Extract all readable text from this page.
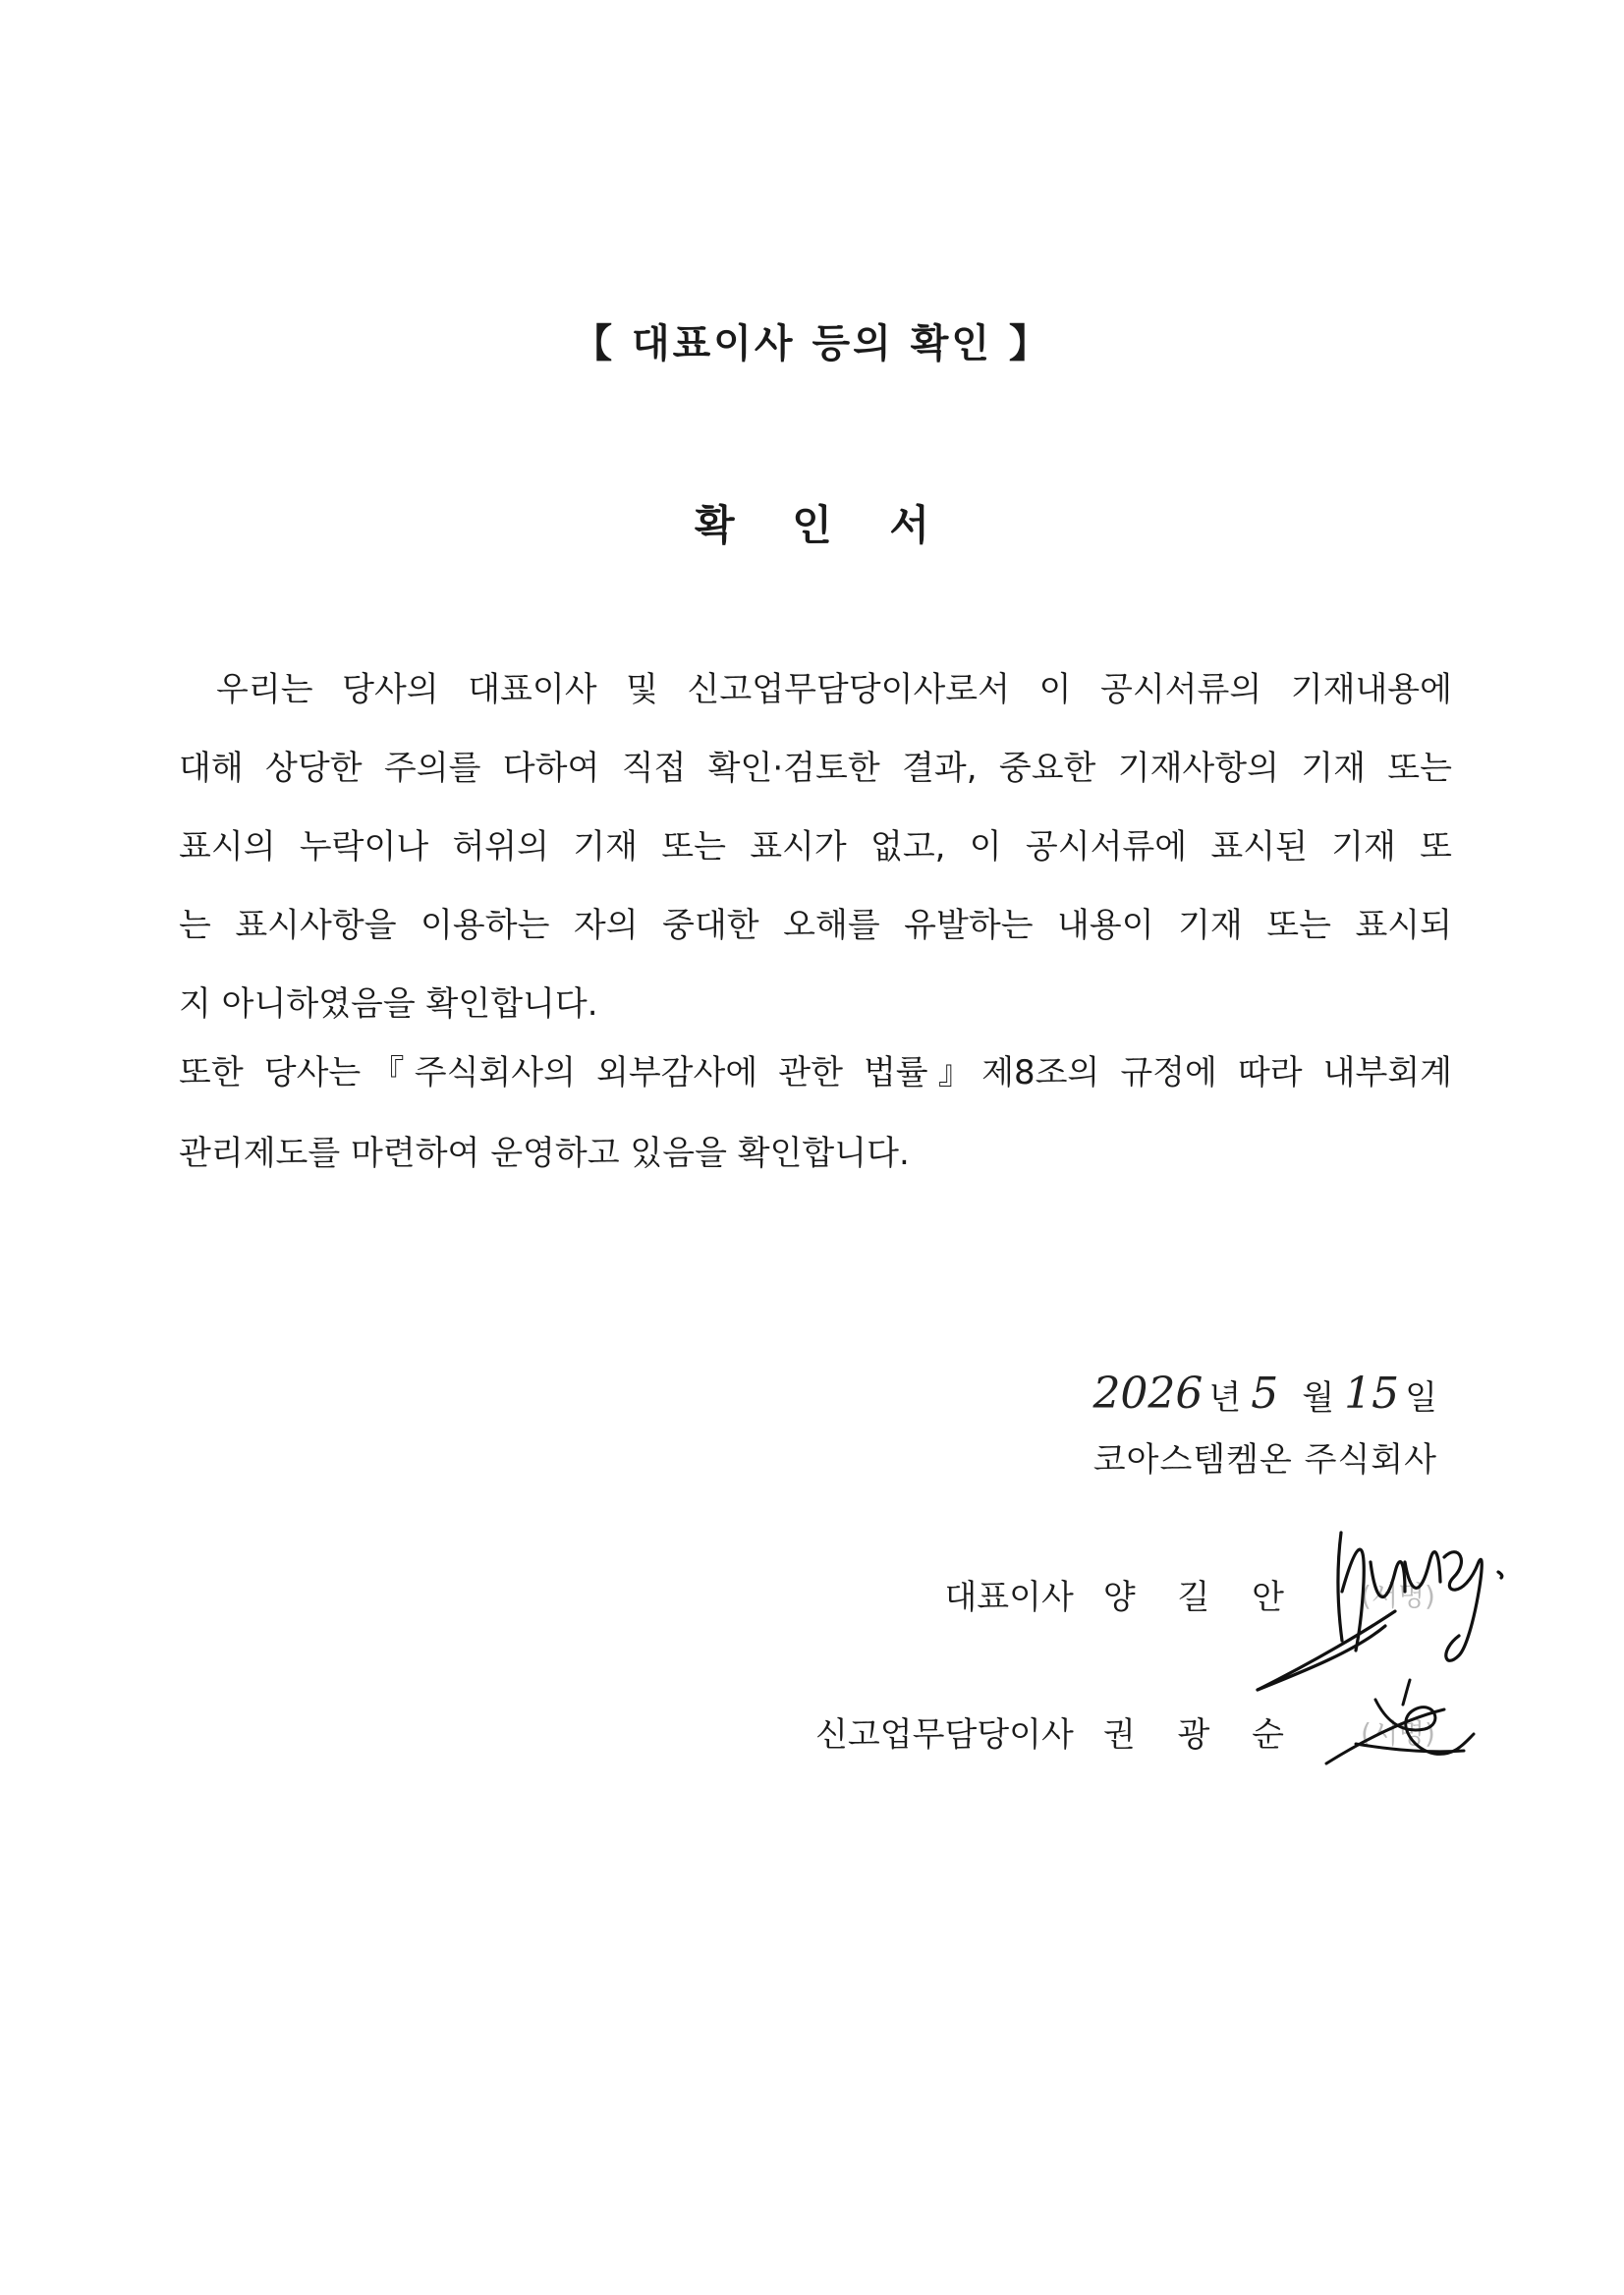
【 대표이사 등의 확인 】
확 인 서
우리는 당사의 대표이사 및 신고업무담당이사로서 이 공시서류의 기재내용에
대해 상당한 주의를 다하여 직접 확인·검토한 결과, 중요한 기재사항의 기재 또는
표시의 누락이나 허위의 기재 또는 표시가 없고, 이 공시서류에 표시된 기재 또
는 표시사항을 이용하는 자의 중대한 오해를 유발하는 내용이 기재 또는 표시되
지 아니하였음을 확인합니다.
또한 당사는『주식회사의 외부감사에 관한 법률』제8조의 규정에 따라 내부회계
관리제도를 마련하여 운영하고 있음을 확인합니다.
2026 년 5 월 15 일
코아스템켐온 주식회사
대표이사 양 길 안 (서명)
신고업무담당이사 권 광 순 (서명)
